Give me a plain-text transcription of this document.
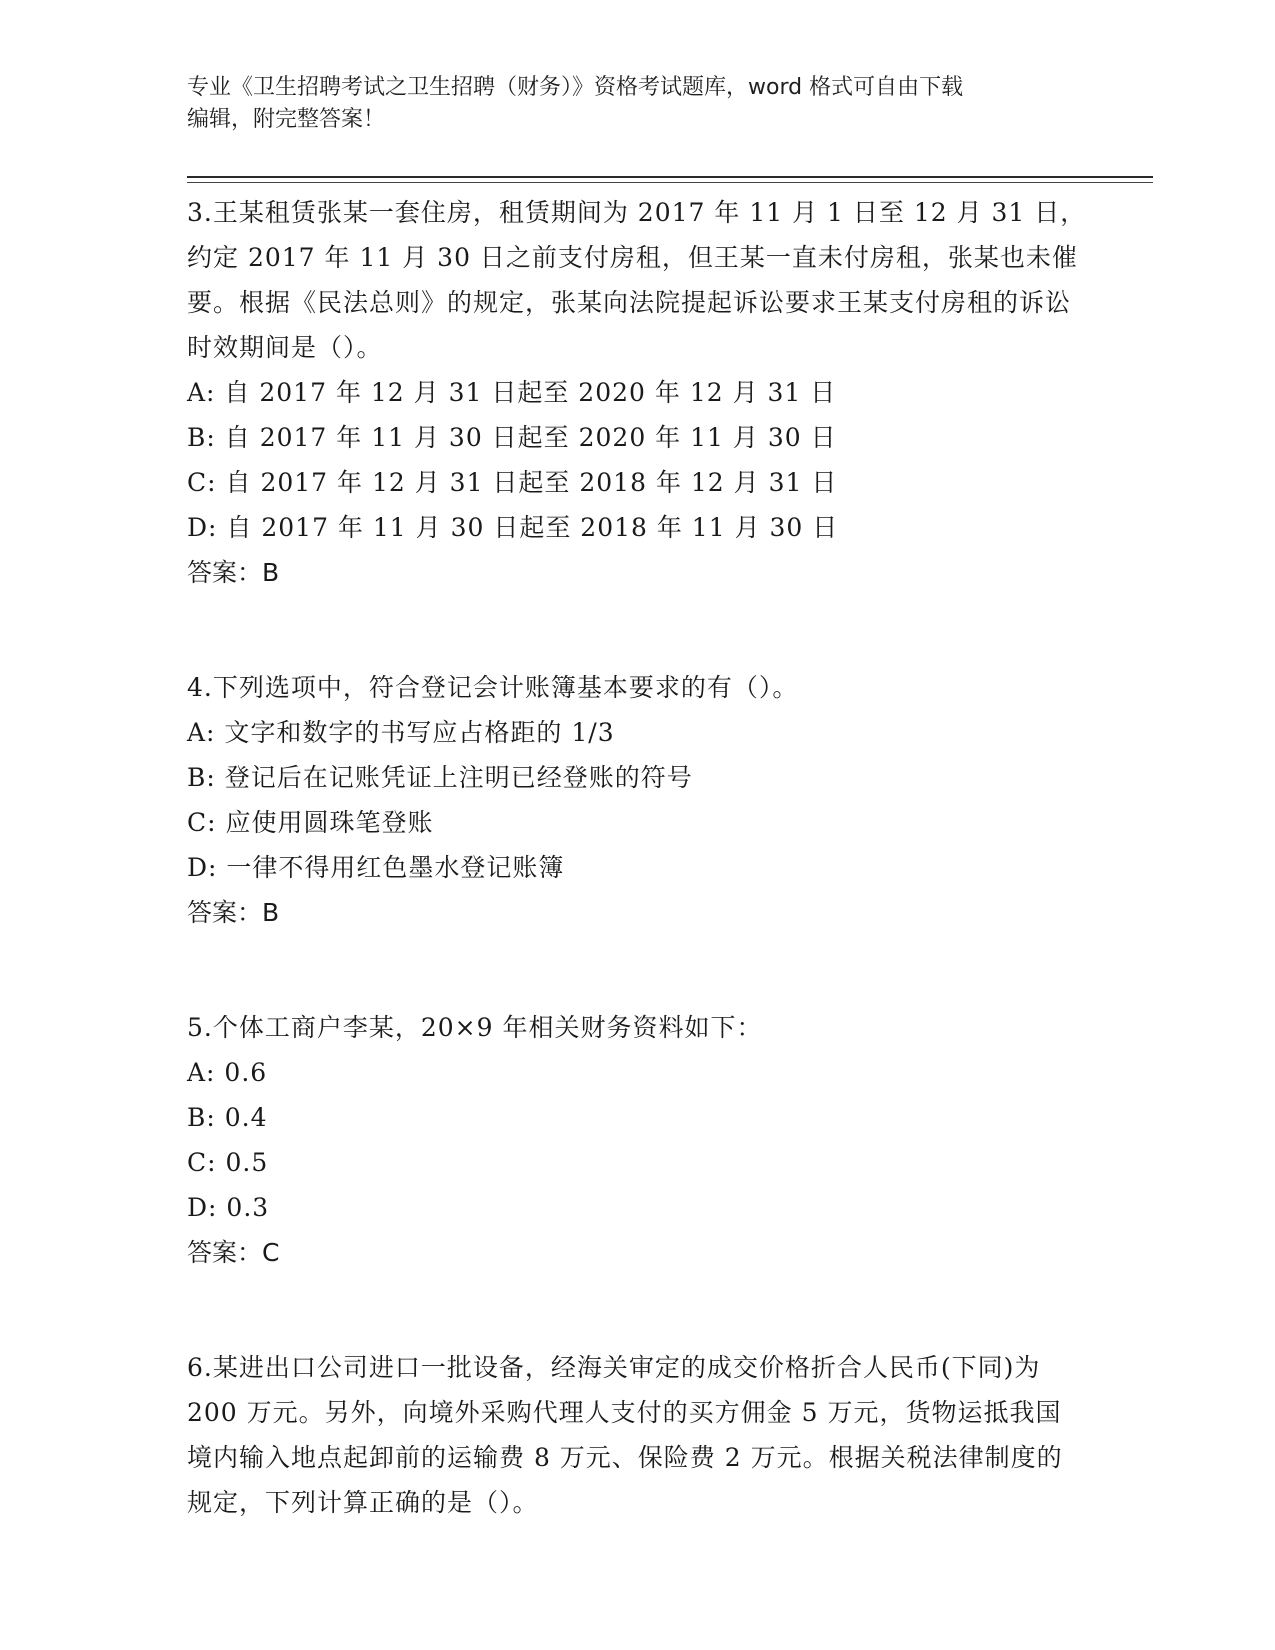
专业《卫生招聘考试之卫生招聘（财务）》资格考试题库，word 格式可自由下载
编辑，附完整答案！

3.王某租赁张某一套住房，租赁期间为 2017 年 11 月 1 日至 12 月 31 日，约定 2017 年 11 月 30 日之前支付房租，但王某一直未付房租，张某也未催要。根据《民法总则》的规定，张某向法院提起诉讼要求王某支付房租的诉讼时效期间是（）。

A: 自 2017 年 12 月 31 日起至 2020 年 12 月 31 日

B: 自 2017 年 11 月 30 日起至 2020 年 11 月 30 日

C: 自 2017 年 12 月 31 日起至 2018 年 12 月 31 日

D: 自 2017 年 11 月 30 日起至 2018 年 11 月 30 日

答案：B

4.下列选项中，符合登记会计账簿基本要求的有（）。

A: 文字和数字的书写应占格距的 1/3

B: 登记后在记账凭证上注明已经登账的符号

C: 应使用圆珠笔登账

D: 一律不得用红色墨水登记账簿

答案：B

5.个体工商户李某，20×9 年相关财务资料如下：

A: 0.6

B: 0.4

C: 0.5

D: 0.3

答案：C

6.某进出口公司进口一批设备，经海关审定的成交价格折合人民币(下同)为 200 万元。另外，向境外采购代理人支付的买方佣金 5 万元，货物运抵我国境内输入地点起卸前的运输费 8 万元、保险费 2 万元。根据关税法律制度的规定，下列计算正确的是（）。
